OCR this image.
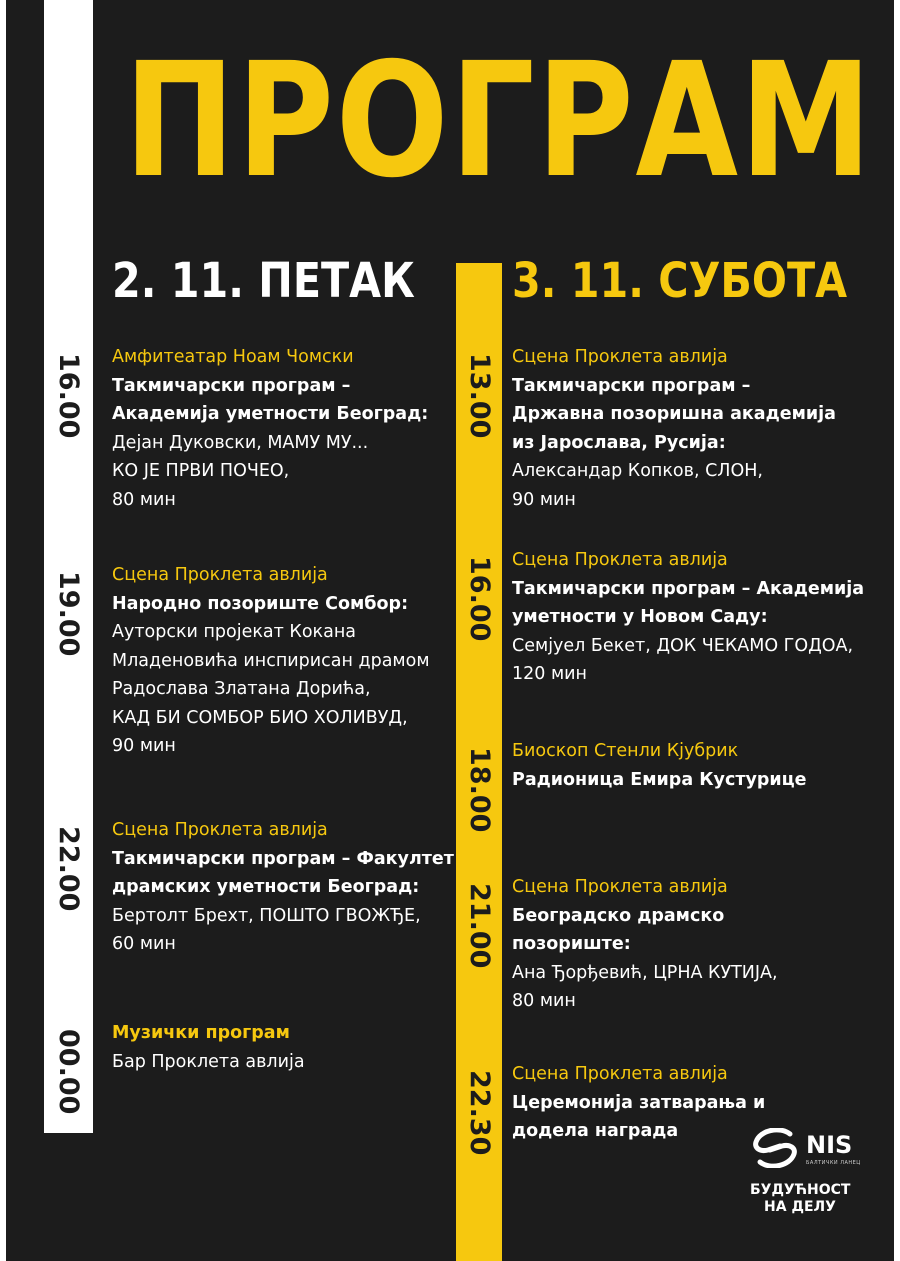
ПРОГРАМ
2. 11. ПЕТАК 3. 11. СУБОТА
16.00 Амфитеатар Ноам Чомски
Такмичарски програм –
Академија уметности Београд:
Дејан Дуковски, МАМУ МУ...
КО ЈЕ ПРВИ ПОЧЕО,
80 мин
19.00 Сцена Проклета авлија
Народно позориште Сомбор:
Ауторски пројекат Кокана
Младеновића инспирисан драмом
Радослава Златана Дорића,
КАД БИ СОМБОР БИО ХОЛИВУД,
90 мин
22.00 Сцена Проклета авлија
Такмичарски програм – Факултет
драмских уметности Београд:
Бертолт Брехт, ПОШТО ГВОЖЂЕ,
60 мин
00.00 Музички програм
Бар Проклета авлија
13.00 Сцена Проклета авлија
Такмичарски програм –
Државна позоришна академија
из Јарослава, Русија:
Александар Копков, СЛОН,
90 мин
16.00 Сцена Проклета авлија
Такмичарски програм – Академија
уметности у Новом Саду:
Семјуел Бекет, ДОК ЧЕКАМО ГОДОА,
120 мин
18.00 Биоскоп Стенли Кјубрик
Радионица Емира Кустурице
21.00 Сцена Проклета авлија
Београдско драмско
позориште:
Ана Ђорђевић, ЦРНА КУТИЈА,
80 мин
22.30 Сцена Проклета авлија
Церемонија затварања и
додела награда	NIS
БАЛТИЧКИ ЛАНЕЦ
БУДУЋНОСТ
НА ДЕЛУ
